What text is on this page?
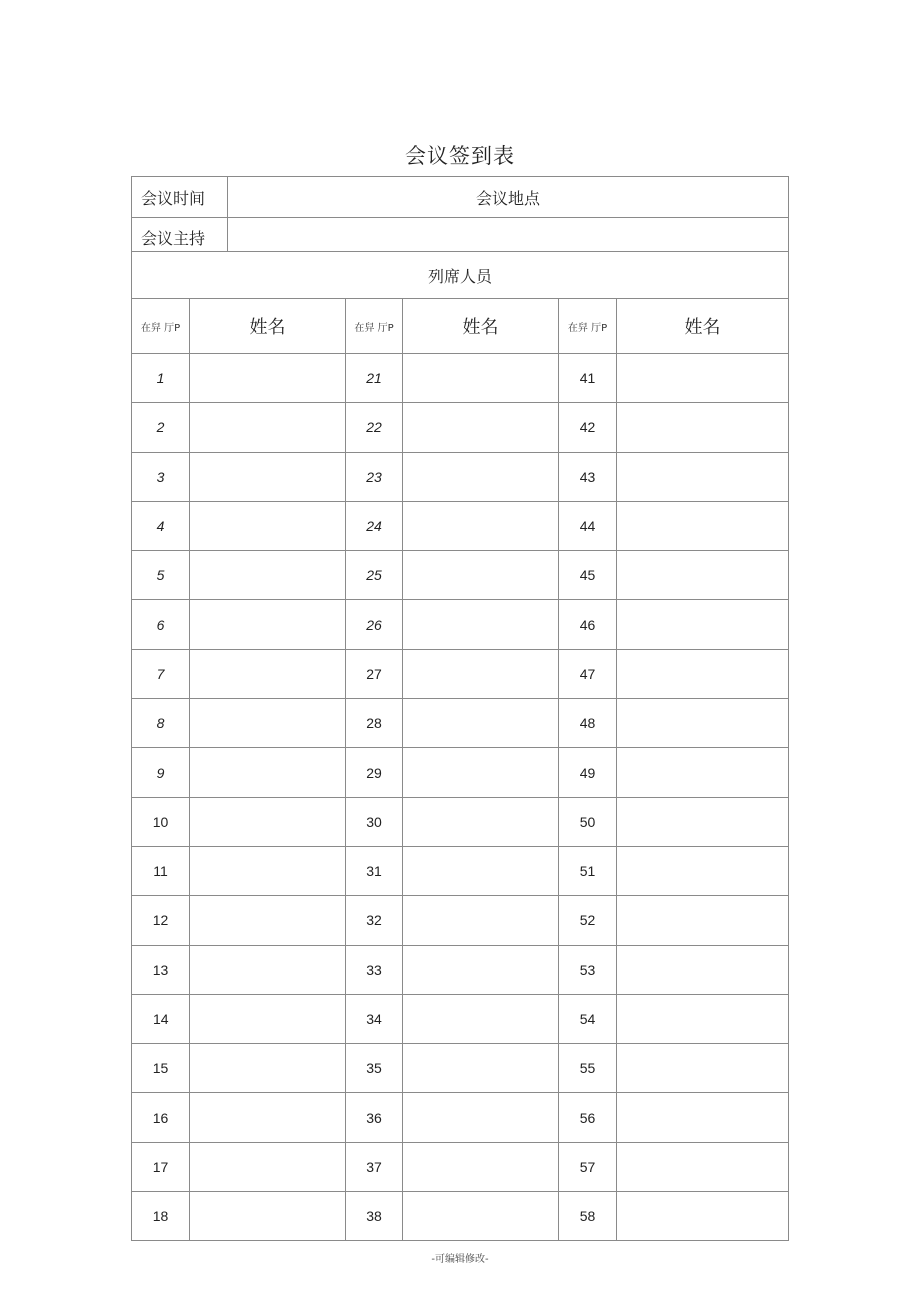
会议签到表
会议时间		会议地点				
会议主持						
列席人员						
在舁 厅P	姓名		在舁 厅P	姓名	在舁 厅P	姓名
1			21		41	
2			22		42	
3			23		43	
4			24		44	
5			25		45	
6			26		46	
7			27		47	
8			28		48	
9			29		49	
10			30		50	
11			31		51	
12			32		52	
13			33		53	
14			34		54	
15			35		55	
16			36		56	
17			37		57	
18			38		58	
-可编辑修改-
